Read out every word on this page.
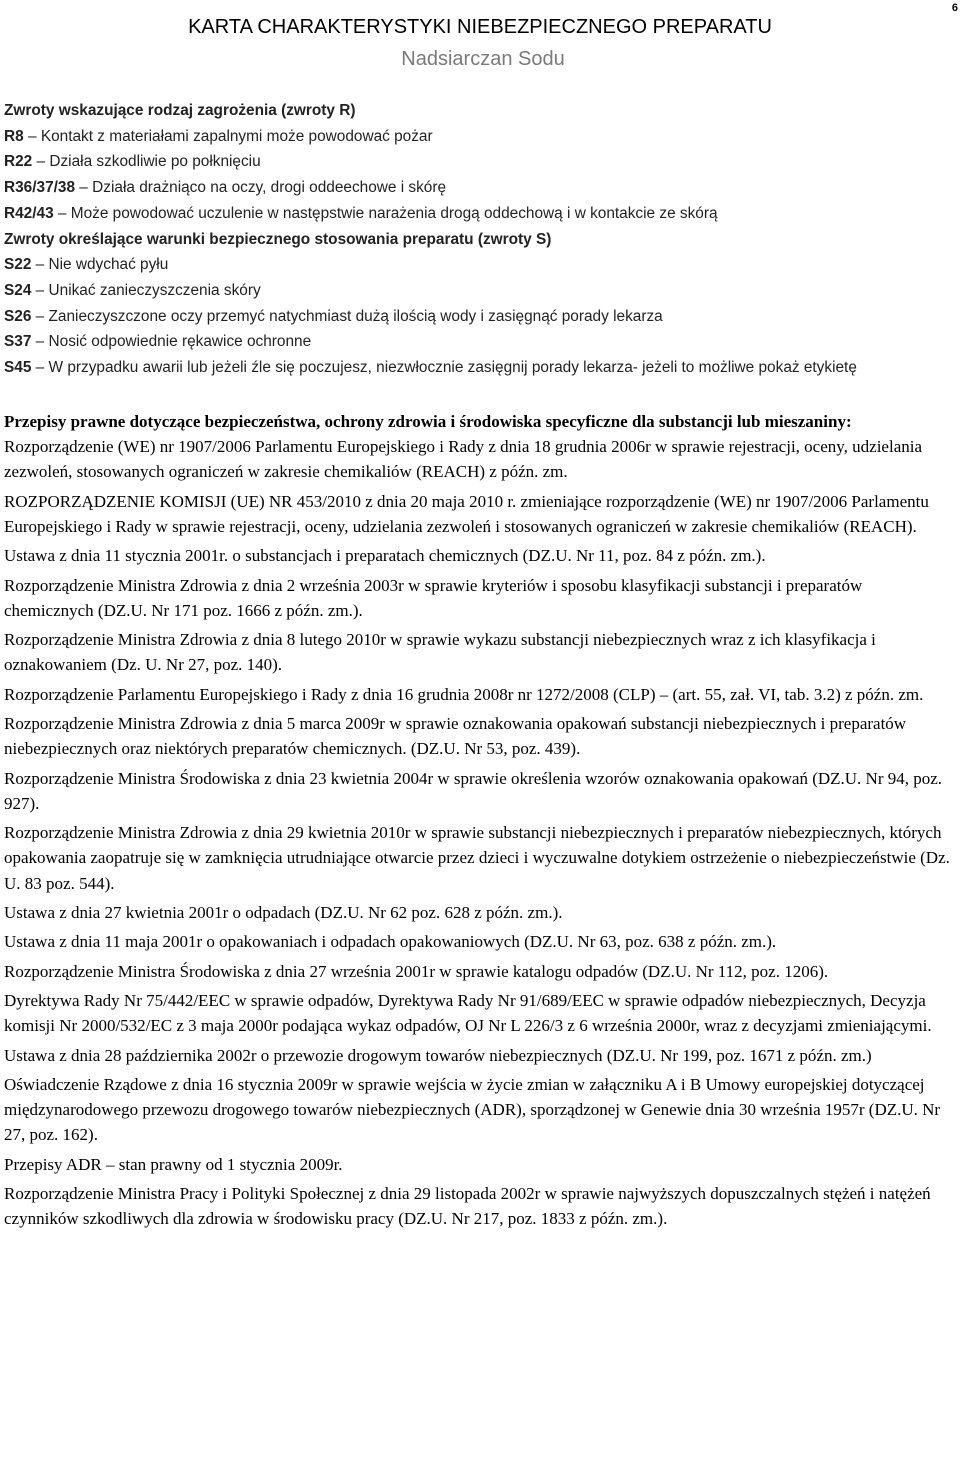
6
KARTA CHARAKTERYSTYKI NIEBEZPIECZNEGO PREPARATU
Nadsiarczan Sodu
Zwroty wskazujące rodzaj zagrożenia (zwroty R)
R8 – Kontakt z materiałami zapalnymi może powodować pożar
R22 – Działa szkodliwie po połknięciu
R36/37/38 – Działa drażniąco na oczy, drogi oddeechowe i skórę
R42/43 – Może powodować uczulenie w następstwie narażenia drogą oddechową i w kontakcie ze skórą
Zwroty określające warunki bezpiecznego stosowania preparatu (zwroty S)
S22 – Nie wdychać pyłu
S24 – Unikać zanieczyszczenia skóry
S26 – Zanieczyszczone oczy przemyć natychmiast dużą ilością wody i zasięgnąć porady lekarza
S37 – Nosić odpowiednie rękawice ochronne
S45 – W przypadku awarii lub jeżeli źle się poczujesz, niezwłocznie zasięgnij porady lekarza- jeżeli to możliwe pokaż etykietę
Przepisy prawne dotyczące bezpieczeństwa, ochrony zdrowia i środowiska specyficzne dla substancji lub mieszaniny:

Rozporządzenie (WE) nr 1907/2006 Parlamentu Europejskiego i Rady z dnia 18 grudnia 2006r w sprawie rejestracji, oceny, udzielania zezwoleń, stosowanych ograniczeń w zakresie chemikaliów (REACH) z późn. zm.

ROZPORZĄDZENIE KOMISJI (UE) NR 453/2010 z dnia 20 maja 2010 r. zmieniające rozporządzenie (WE) nr 1907/2006 Parlamentu Europejskiego i Rady w sprawie rejestracji, oceny, udzielania zezwoleń i stosowanych ograniczeń w zakresie chemikaliów (REACH).

Ustawa z dnia 11 stycznia 2001r. o substancjach i preparatach chemicznych (DZ.U. Nr 11, poz. 84 z późn. zm.).

Rozporządzenie Ministra Zdrowia z dnia 2 września 2003r w sprawie kryteriów i sposobu klasyfikacji substancji i preparatów chemicznych (DZ.U. Nr 171 poz. 1666 z późn. zm.).

Rozporządzenie Ministra Zdrowia z dnia 8 lutego 2010r w sprawie wykazu substancji niebezpiecznych wraz z ich klasyfikacja i oznakowaniem (Dz. U. Nr 27, poz. 140).

Rozporządzenie Parlamentu Europejskiego i Rady z dnia 16 grudnia 2008r nr 1272/2008 (CLP) – (art. 55, zał. VI, tab. 3.2) z późn. zm.

Rozporządzenie Ministra Zdrowia z dnia 5 marca 2009r w sprawie oznakowania opakowań substancji niebezpiecznych i preparatów niebezpiecznych oraz niektórych preparatów chemicznych. (DZ.U. Nr 53, poz. 439).

Rozporządzenie Ministra Środowiska z dnia 23 kwietnia 2004r w sprawie określenia wzorów oznakowania opakowań (DZ.U. Nr 94, poz. 927).

Rozporządzenie Ministra Zdrowia z dnia 29 kwietnia 2010r w sprawie substancji niebezpiecznych i preparatów niebezpiecznych, których opakowania zaopatruje się w zamknięcia utrudniające otwarcie przez dzieci i wyczuwalne dotykiem ostrzeżenie o niebezpieczeństwie (Dz. U. 83 poz. 544).

Ustawa z dnia 27 kwietnia 2001r o odpadach (DZ.U. Nr 62 poz. 628 z późn. zm.).

Ustawa z dnia 11 maja 2001r o opakowaniach i odpadach opakowaniowych (DZ.U. Nr 63, poz. 638 z późn. zm.).

Rozporządzenie Ministra Środowiska z dnia 27 września 2001r w sprawie katalogu odpadów (DZ.U. Nr 112, poz. 1206).

Dyrektywa Rady Nr 75/442/EEC w sprawie odpadów, Dyrektywa Rady Nr 91/689/EEC w sprawie odpadów niebezpiecznych, Decyzja komisji Nr 2000/532/EC z 3 maja 2000r podająca wykaz odpadów, OJ Nr L 226/3 z 6 września 2000r, wraz z decyzjami zmieniającymi.

Ustawa z dnia 28 października 2002r o przewozie drogowym towarów niebezpiecznych (DZ.U. Nr 199, poz. 1671 z późn. zm.)

Oświadczenie Rządowe z dnia 16 stycznia 2009r w sprawie wejścia w życie zmian w załączniku A i B Umowy europejskiej dotyczącej międzynarodowego przewozu drogowego towarów niebezpiecznych (ADR), sporządzonej w Genewie dnia 30 września 1957r (DZ.U. Nr 27, poz. 162).

Przepisy ADR – stan prawny od 1 stycznia 2009r.

Rozporządzenie Ministra Pracy i Polityki Społecznej z dnia 29 listopada 2002r w sprawie najwyższych dopuszczalnych stężeń i natężeń czynników szkodliwych dla zdrowia w środowisku pracy (DZ.U. Nr 217, poz. 1833 z późn. zm.).
